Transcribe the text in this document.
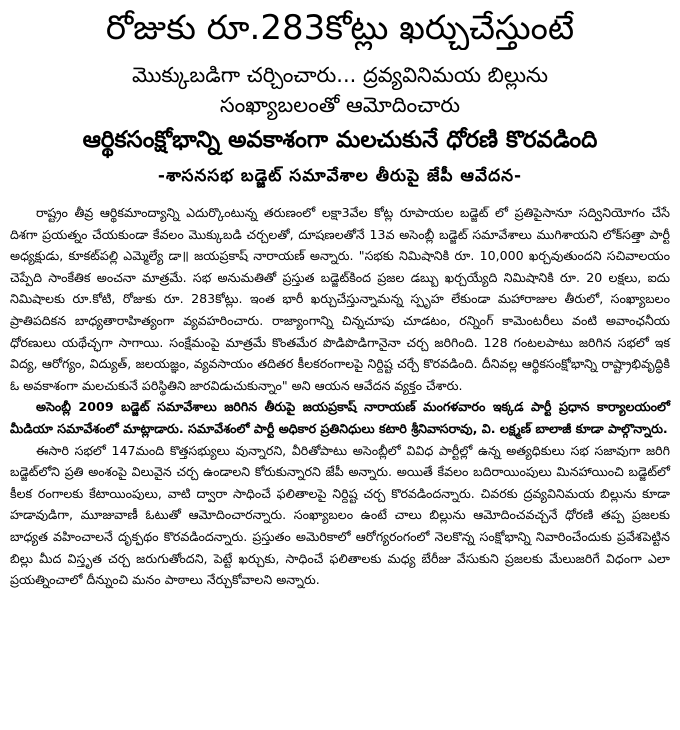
రోజుకు రూ.283కోట్లు ఖర్చుచేస్తుంటే
మొక్కుబడిగా చర్చించారు... ద్రవ్యవినిమయ బిల్లును
సంఖ్యాబలంతో ఆమోదించారు
ఆర్థికసంక్షోభాన్ని అవకాశంగా మలచుకునే ధోరణి కొరవడింది
-శాసనసభ బడ్జెట్ సమావేశాల తీరుపై జేపీ ఆవేదన-

రాష్ట్రం తీవ్ర ఆర్థికమాంద్యాన్ని ఎదుర్కొంటున్న తరుణంలో లక్షా3వేల కోట్ల రూపాయల బడ్జెట్ లో ప్రతిపైసానూ సద్వినియోగం చేసే దిశగా ప్రయత్నం చేయకుండా కేవలం మొక్కుబడి చర్చలతో, దూషణలతోనే 13వ అసెంబ్లీ బడ్జెట్ సమావేశాలు ముగిశాయని లోక్‌సత్తా పార్టీ అధ్యక్షుడు, కూకట్‌పల్లి ఎమ్మెల్యే డా॥ జయప్రకాష్ నారాయణ్ అన్నారు. "సభకు నిమిషానికి రూ. 10,000 ఖర్చవుతుందని సచివాలయం చెప్పేది సాంకేతిక అంచనా మాత్రమే. సభ అనుమతితో ప్రస్తుత బడ్జెట్‌కింద ప్రజల డబ్బు ఖర్చయ్యేది నిమిషానికి రూ. 20 లక్షలు, ఐదు నిమిషాలకు రూ.కోటి, రోజుకు రూ. 283కోట్లు. ఇంత భారీ ఖర్చుచేస్తున్నామన్న స్పృహ లేకుండా మహారాజుల తీరులో, సంఖ్యాబలం ప్రాతిపదికన బాధ్యతారాహిత్యంగా వ్యవహరించారు. రాజ్యాంగాన్ని చిన్నచూపు చూడటం, రన్నింగ్ కామెంటరీలు వంటి అవాంఛనీయ ధోరణులు యథేచ్ఛగా సాగాయి. సంక్షేమంపై మాత్రమే కొంతమేర పొడిపొడిగానైనా చర్చ జరిగింది. 128 గంటలపాటు జరిగిన సభలో ఇక విద్య, ఆరోగ్యం, విద్యుత్, జలయజ్ఞం, వ్యవసాయం తదితర కీలకరంగాలపై నిర్దిష్ట చర్చే కొరవడింది. దీనివల్ల ఆర్థికసంక్షోభాన్ని రాష్ట్రాభివృద్ధికి ఓ అవకాశంగా మలచుకునే పరిస్థితిని జారవిడుచుకున్నాం" అని ఆయన ఆవేదన వ్యక్తం చేశారు.

అసెంబ్లీ 2009 బడ్జెట్ సమావేశాలు జరిగిన తీరుపై జయప్రకాష్ నారాయణ్ మంగళవారం ఇక్కడ పార్టీ ప్రధాన కార్యాలయంలో మీడియా సమావేశంలో మాట్లాడారు. సమావేశంలో పార్టీ అధికార ప్రతినిధులు కటారి శ్రీనివాసరావు, వి. లక్ష్మణ్ బాలాజీ కూడా పాల్గొన్నారు.

ఈసారి సభలో 147మంది కొత్తసభ్యులు వున్నారని, వీరితోపాటు అసెంబ్లీలో వివిధ పార్టీల్లో ఉన్న అత్యధికులు సభ సజావుగా జరిగి బడ్జెట్‌లోని ప్రతి అంశంపై విలువైన చర్చ ఉండాలని కోరుకున్నారని జేపీ అన్నారు. అయితే కేవలం బదిరాయింపులు మినహాయించి బడ్జెట్‌లో కీలక రంగాలకు కేటాయింపులు, వాటి ద్వారా సాధించే ఫలితాలపై నిర్దిష్ట చర్చ కొరవడిందన్నారు. చివరకు ద్రవ్యవినిమయ బిల్లును కూడా హడావుడిగా, మూజువాణీ ఓటుతో ఆమోదించారన్నారు. సంఖ్యాబలం ఉంటే చాలు బిల్లును ఆమోదించవచ్చనే ధోరణి తప్ప ప్రజలకు బాధ్యత వహించాలనే దృక్పథం కొరవడిందన్నారు. ప్రస్తుతం అమెరికాలో ఆరోగ్యరంగంలో నెలకొన్న సంక్షోభాన్ని నివారించేందుకు ప్రవేశపెట్టిన బిల్లు మీద విస్తృత చర్చ జరుగుతోందని, పెట్టే ఖర్చుకు, సాధించే ఫలితాలకు మధ్య బేరీజు వేసుకుని ప్రజలకు మేలుజరిగే విధంగా ఎలా ప్రయత్నించాలో దీన్నుంచి మనం పాఠాలు నేర్చుకోవాలని అన్నారు.
